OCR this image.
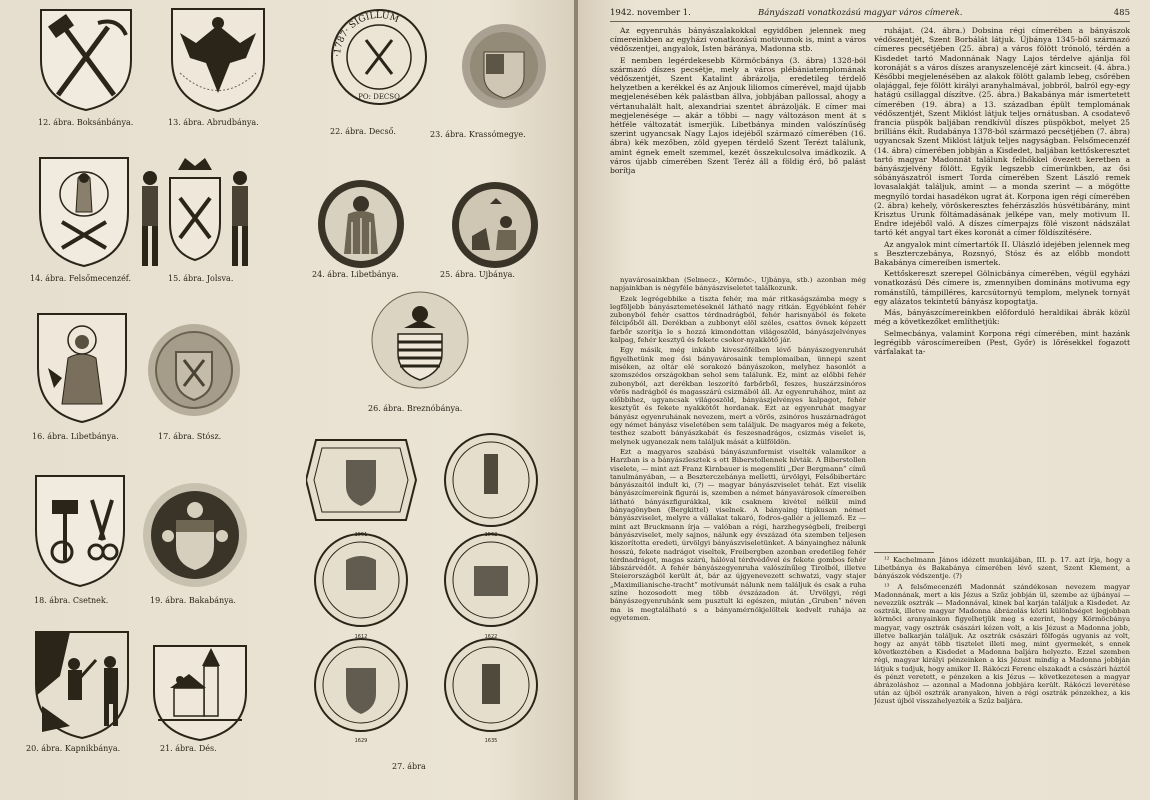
12. ábra. Boksánbánya.	13. ábra. Abrudbánya.
14. ábra. Felsőmecenzéf.	15. ábra. Jolsva.
16. ábra. Libetbánya.	17. ábra. Stósz.
18. ábra. Csetnek.	19. ábra. Bakabánya.
20. ábra. Kapnikbánya.	21. ábra. Dés.
·1787· SIGILLUM
PO: DECSO
22. ábra. Decső.	23. ábra. Krassómegye.
24. ábra. Libetbánya.	25. ábra. Ujbánya.
26. ábra. Breznóbánya.
1551	1562
1612	1622
1629	1635
27. ábra
1942. november 1.	Bányászati vonatkozású magyar város címerek.	485

Az egyenruhás bányászalakokkal egyidőben jelennek meg címereinkben az egyházi vonatkozású motivumok is, mint a város védőszentjei, angyalok, Isten báránya, Madonna stb.

E nemben legérdekesebb Körmöcbánya (3. ábra) 1328-ból származó díszes pecsétje, mely a város plébániatemplomának védőszentjét, Szent Katalint ábrázolja, eredetileg térdelő helyzetben a kerékkel és az Anjouk liliomos címerével, majd újabb megjelenésében kék palástban állva, jobbjában pallossal, ahogy a vértanuhalált halt, alexandriai szentet ábrázolják. E címer mai megjelenésége — akár a többi — nagy változáson ment át s hétféle változatát ismerjük. Libetbánya minden valószínűség szerint ugyancsak Nagy Lajos idejéből származó címerében (16. ábra) kék mezőben, zöld gyepen térdelő Szent Terézt találunk, amint égnek emelt szemmel, kezét összekulcsolva imádkozik. A város újabb címerében Szent Teréz áll a földig érő, bő palást borítja

ruhájat. (24. ábra.) Dobsina régi címerében a bányászok védőszentjét, Szent Borbálát látjuk. Újbánya 1345-ből származó címeres pecsétjében (25. ábra) a város fölött trónoló, térdén a Kisdedet tartó Madonnának Nagy Lajos térdelve ajánlja föl koronáját s a város díszes aranyszelencéjé zárt kincseit. (4. ábra.) Későbbi megjelenésében az alakok fölött galamb lebeg, csőrében olajággal, feje fölött királyi aranyhalmával, jobbról, balról egy-egy hatágú csillaggal díszítve. (25. ábra.) Bakabánya már ismertetett címerében (19. ábra) a 13. században épült templomának védőszentjét, Szent Miklóst látjuk teljes ornátusban. A csodatevő francia püspök baljában rendkívül díszes püspökbot, melyet 25 brilliáns ékít. Rudabánya 1378-ból származó pecsétjében (7. ábra) ugyancsak Szent Miklóst látjuk teljes nagyságban. Felsőmecenzéf (14. ábra) címerében jobbján a Kisdedet, baljában kettőskeresztet tartó magyar Madonnát találunk felhőkkel övezett keretben a bányászjelvény fölött. Egyik legszebb címerünkben, az ősi sóbányászatról ismert Torda címerében Szent László remek lovasalakját találjuk, amint — a monda szerint — a mögötte megnyíló tordai hasadékon ugrat át. Korpona igen régi címerében (2. ábra) kehely, vöröskeresztes fehérzászlós húsvétibárány, mint Krisztus Urunk föltámadásának jelképe van, mely motivum II. Endre idejéből való. A díszes címerpajzs fölé viszont nádszálat tartó két angyal tart ékes koronát a címer földíszítésére.

Az angyalok mint címertartók II. Ulászló idejében jelennek meg s Beszterczebánya, Rozsnyó, Stósz és az előbb mondott Bakabánya címereiben ismertek.

Kettőskereszt szerepel Gölnicbánya címerében, végül egyházi vonatkozású Dés címere is, zmennyiben domináns motivuma egy románstílű, támpilléres, karcsútornyú templom, melynek tornyát egy alázatos tekintetű bányász kopogtatja.

Más, bányászcímereinkben előforduló heraldikai ábrák közül még a következőket említhetjük:

Selmecbánya, valamint Korpona régi címerében, mint hazánk legrégibb városcímereiben (Pest, Győr) is lőrésekkel fogazott várfalakat ta-

nyavárosainkban (Selmecz-, Körmöc-, Ujbánya, stb.) azonban még napjainkban is négyféle bányászviseletet találkozunk.

Ezek legrégebbike a tiszta fehér, ma már ritkaságszámba megy s legföljebb bányásztemetéseknél látható nagy ritkán. Egyébként fehér zubonyból fehér csattos térdnadrágból, fehér harisnyából és fekete félcipőből áll. Derékban a zubbonyt elöl széles, csattos övnek képzett farbőr szorítja le s hozzá kimondottan világoszöld, bányászjelvényes kalpag, fehér kesztyű és fekete csokor-nyakkötő jár.

Egy másik, még inkább kiveszőfélben lévő bányászegyenruhát figyelhetünk meg ősi bányavárosaink templomaiban, ünnepi szent miséken, az oltár elé sorakozó bányászokon, melyhez hasonlót a szomszédos országokban sehol sem találunk. Ez, mint az előbbi fehér zubonyból, azt derékban leszorító farbőrből, feszes, huszárzsinóros vörös nadrágból és magasszárú csizmából áll. Az egyenruhához, mint az előbbihez, ugyancsak világoszöld, bányászjelvényes kalpagot, fehér kesztyűt és fekete nyakkötőt hordanak. Ezt az egyenruhát magyar bányász egyenruhának nevezem, mert a vörös, zsinóros huszárnadrágot egy német bányász viseletében sem találjuk. De magyaros még a fekete, testhez szabott bányászkabát és feszesnadrágos, csizmás viselet is, melynek ugyanezak nem találjuk mását a külföldön.

Ezt a magyaros szabású bányászunformist viselték valamikor a Harzban is a bányászlesztek s ott Biberstollennek hívták. A Biberstollen viselete, — mint azt Franz Kirnbauer is megemlíti „Der Bergmann” című tanulmányában, — a Beszterczebánya melletti, úrvölgyi, Felsőbibertárc bányászaitól indult ki, (?) — magyar bányászviselet tehát. Ezt viselik bányászcímereink figurái is, szemben a német bányavárosok címereiben látható bányászfigurákkal, kik csaknem kivétel nélkül mind bányagönyben (Bergkittel) viselnek. A bányaing tipikusan német bányászviselet, melyre a vállakat takaró, fodros-gallér a jellemző. Ez — mint azt Bruckmann írja — valóban a régi, harzhegységbeli, freibergi bányászviselet, mely sajnos, nálunk egy évszázad óta szemben teljesen kiszorította eredeti, úrvölgyi bányászviseletünket. A bányainghez nálunk hosszú, fekete nadrágot viseltek, Freibergben azonban eredetileg fehér térdnadrágot, magas szárú, hálóval térdvédővel és fekete gombos fehér lábszárvédőt. A fehér bányászegyenruha valószínűleg Tirolból, illetve Steierországból került át, bár az újgyenevezett schwatzi, vagy stajer „Maximilianische-tracht” motívumát nálunk nem találjuk és csak a ruha színe hozosodott meg több évszázadon át. Urvölgyi, régi bányászegyenruhánk sem pusztult ki egészen, miután „Gruben” néven ma is megtalálható s a bányamérnökjelöltek kedvelt ruhája az egyetemen.

¹² Kachelmann János idézett munkájában, III. p. 17. azt írja, hogy a Libetbánya és Bakabánya címerében lévő szent, Szent Klement, a bányászok védszentje. (?)

¹³ A felsőmecenzéfi Madonnát szándékosan nevezem magyar Madonnának, mert a kis Jézus a Szűz jobbján ül, szembe az újbányai — nevezzük osztrák — Madonnával, kinek bal karján találjuk a Kisdedet. Az osztrák, illetve magyar Madonna ábrázolás közti különbséget legjobban körmöci aranyainkon figyelhetjük meg s ezerint, hogy Körmöcbánya magyar, vagy osztrák császári kézen volt, a kis Jézust a Madonna jobb, illetve balkarján találjuk. Az osztrák császári fölfogás ugyanis az volt, hogy az anyát több tisztelet illeti meg, mint gyermekét, s ennek következtében a Kisdedet a Madonna baljára helyezte. Ezzel szemben régi, magyar királyi pénzeinken a kis Jézust mindig a Madonna jobbján látjuk s tudjuk, hogy amikor II. Rákóczi Ferenc elszakadt a császári háztól és pénzt veretett, e pénzeken a kis Jézus — következetesen a magyar ábrázoláshoz — azonnal a Madonna jobbjára került. Rákóczi leverétése után az újból osztrák aranyakon, hiven a régi osztrák pénzekhez, a kis Jézust újból visszahelyezték a Szűz baljára.
